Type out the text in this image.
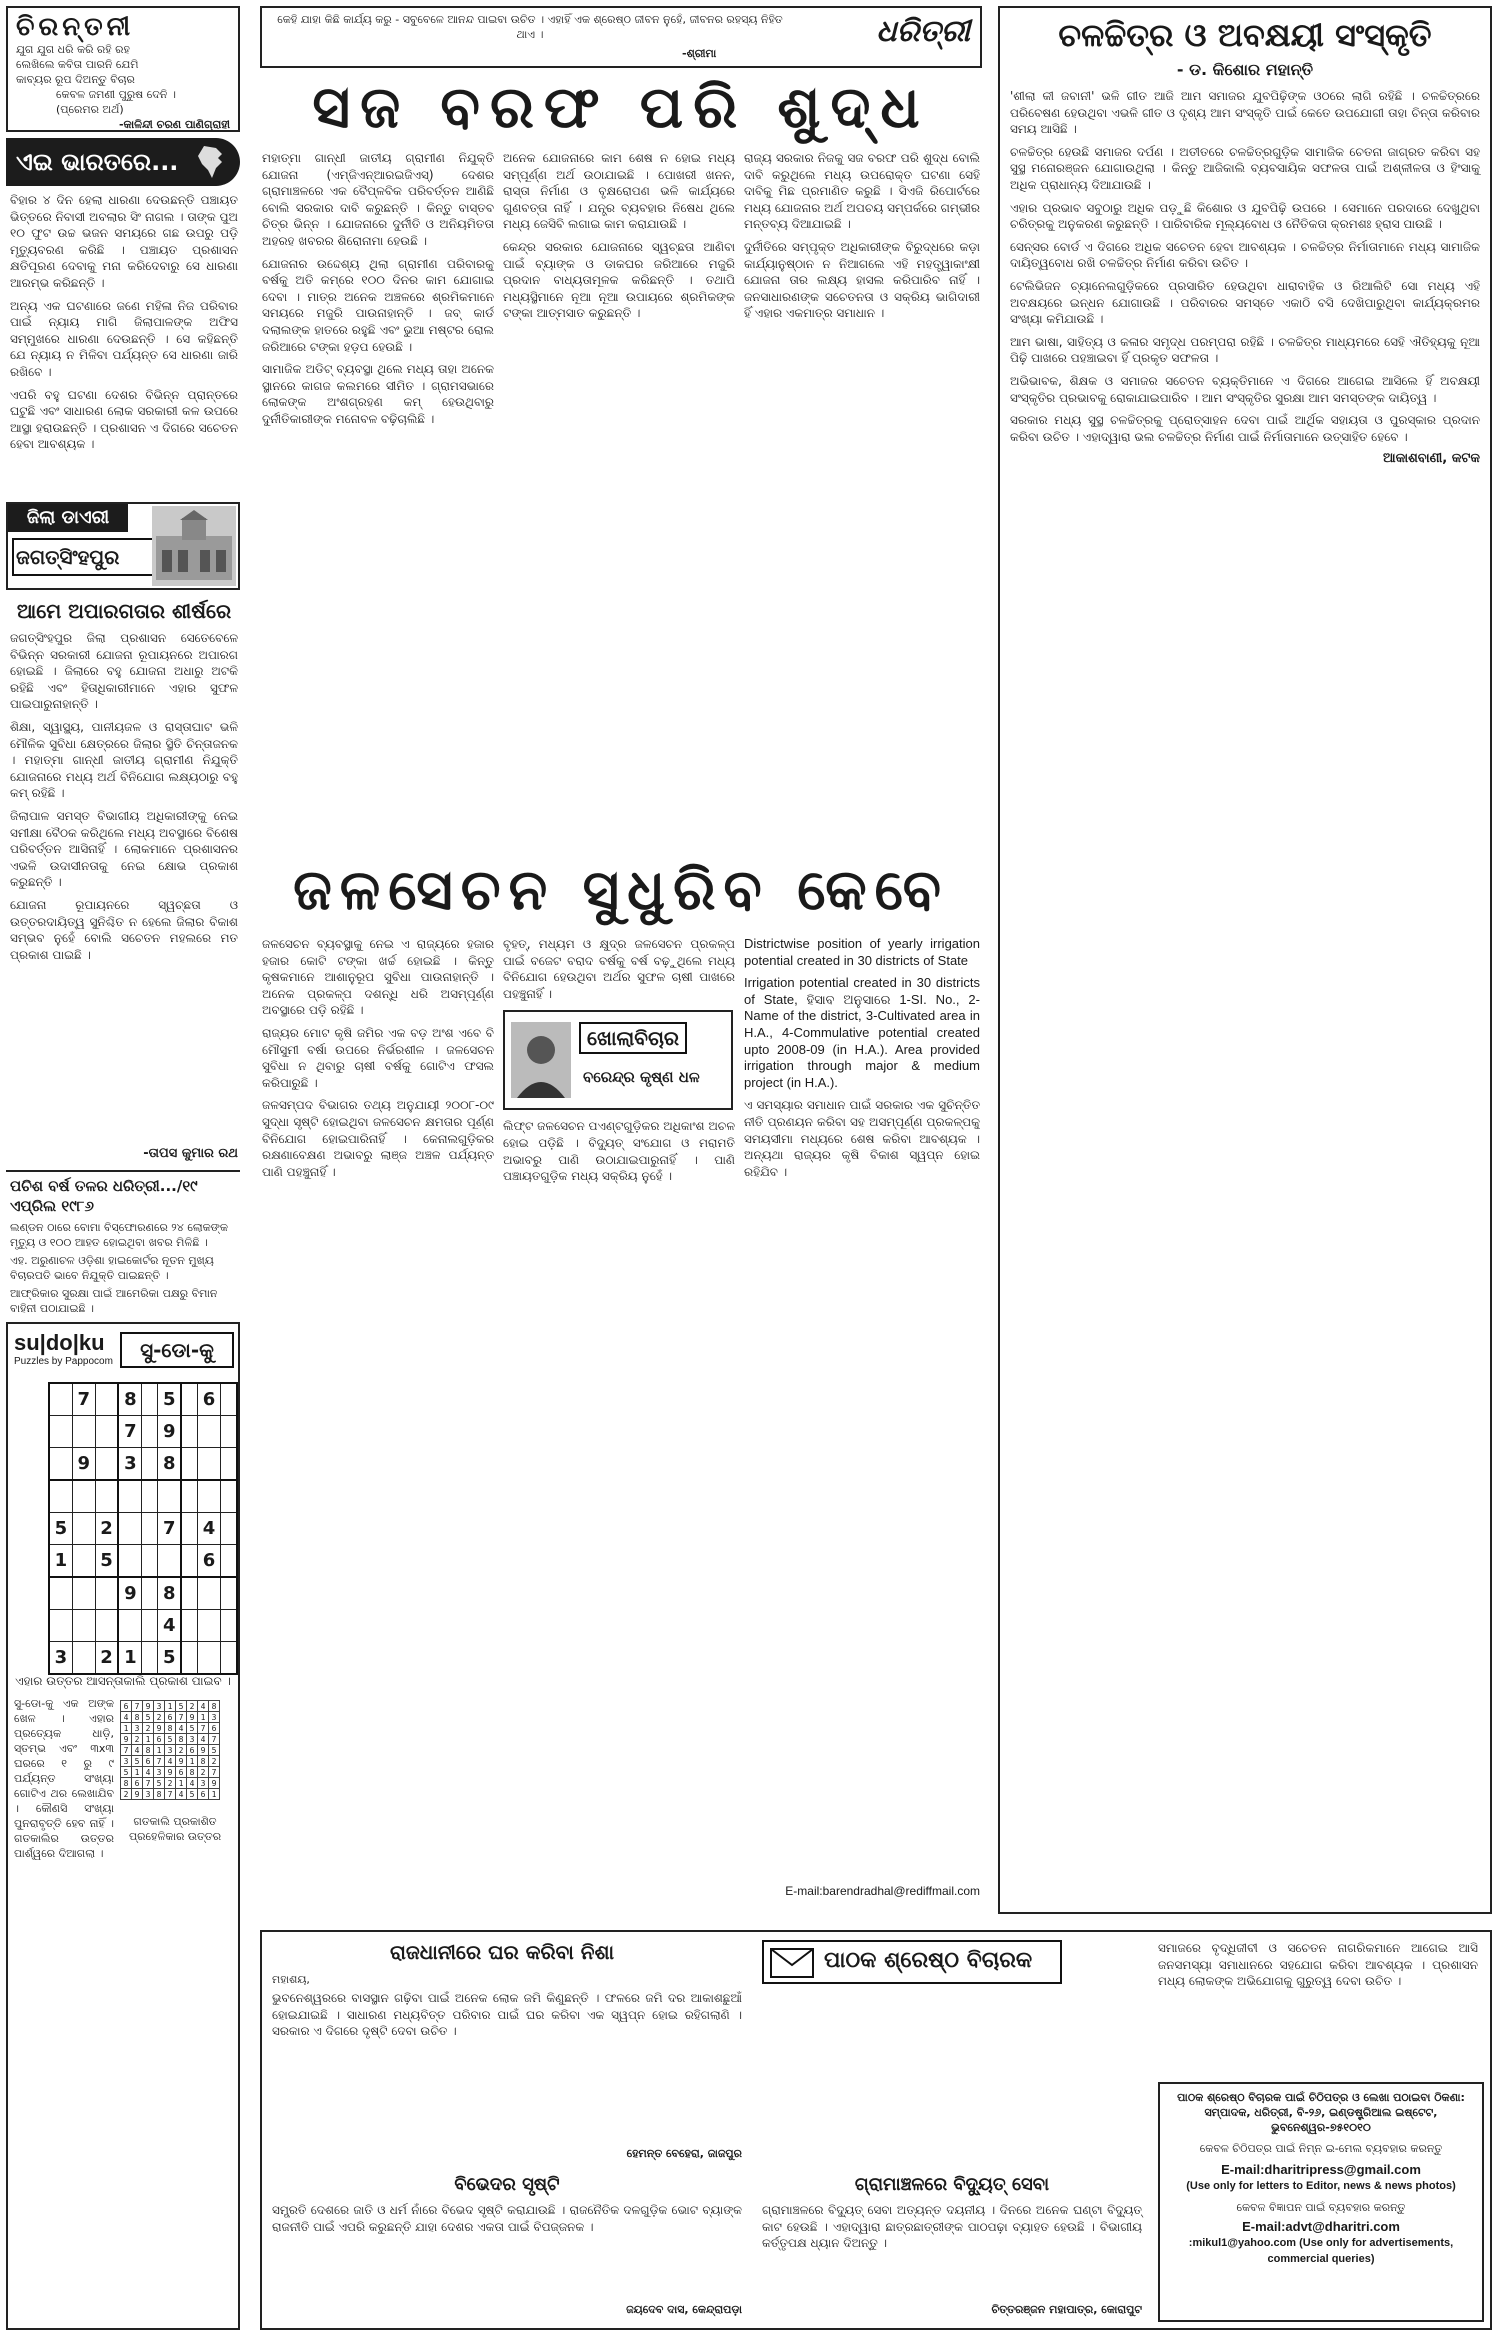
ଚିରନ୍ତନୀ
ଯୁଗ ଯୁଗ ଧରି କରି ରହି ରହ
ଲେଖିଲେ କବିତା ପାରନି ଯେମି
କାବ୍ୟର ରୂପ ଦିଅନ୍ତୁ ବିଚାର
କେବଳ ଜମଣୀ ପୁରୁଷ ଦେନି ।
(ପ୍ରେମର ଅର୍ଥ)
-କାଳିନ୍ଦୀ ଚରଣ ପାଣିଗ୍ରାହୀ
ଏଇ ଭାରତରେ...

ବିହାର ୪ ଦିନ ହେଲା ଧାରଣା ଦେଉଛନ୍ତି ପଞ୍ଚାୟତ ଭିତ୍ତରେ ନିବାସୀ ଅବଲାର ସିଂ ନାଗଲ । ତାଙ୍କ ପୁଅ ୧୦ ଫୁଟ ଉଚ୍ଚ ଭଜନ ସମୟରେ ଗଛ ଉପରୁ ପଡ଼ି ମୃତ୍ୟୁବରଣ କରିଛି । ପଞ୍ଚାୟତ ପ୍ରଶାସନ କ୍ଷତିପୂରଣ ଦେବାକୁ ମନା କରିଦେବାରୁ ସେ ଧାରଣା ଆରମ୍ଭ କରିଛନ୍ତି ।

ଅନ୍ୟ ଏକ ଘଟଣାରେ ଜଣେ ମହିଳା ନିଜ ପରିବାର ପାଇଁ ନ୍ୟାୟ ମାଗି ଜିଲାପାଳଙ୍କ ଅଫିସ ସମ୍ମୁଖରେ ଧାରଣା ଦେଉଛନ୍ତି । ସେ କହିଛନ୍ତି ଯେ ନ୍ୟାୟ ନ ମିଳିବା ପର୍ଯ୍ୟନ୍ତ ସେ ଧାରଣା ଜାରି ରଖିବେ ।

ଏପରି ବହୁ ଘଟଣା ଦେଶର ବିଭିନ୍ନ ପ୍ରାନ୍ତରେ ଘଟୁଛି ଏବଂ ସାଧାରଣ ଲୋକ ସରକାରୀ କଳ ଉପରେ ଆସ୍ଥା ହରାଉଛନ୍ତି । ପ୍ରଶାସନ ଏ ଦିଗରେ ସଚେତନ ହେବା ଆବଶ୍ୟକ ।

ଜିଲା ଡାଏରୀ
ଜଗତ୍‌ସିଂହପୁର
ଆମେ ଅପାରଗତାର ଶୀର୍ଷରେ

ଜଗତ୍‌ସିଂହପୁର ଜିଲା ପ୍ରଶାସନ ସେତେବେଳେ ବିଭିନ୍ନ ସରକାରୀ ଯୋଜନା ରୂପାୟନରେ ଅପାରଗ ହୋଇଛି । ଜିଲାରେ ବହୁ ଯୋଜନା ଅଧାରୁ ଅଟକି ରହିଛି ଏବଂ ହିତାଧିକାରୀମାନେ ଏହାର ସୁଫଳ ପାଇପାରୁନାହାନ୍ତି ।

ଶିକ୍ଷା, ସ୍ୱାସ୍ଥ୍ୟ, ପାନୀୟଜଳ ଓ ରାସ୍ତାଘାଟ ଭଳି ମୌଳିକ ସୁବିଧା କ୍ଷେତ୍ରରେ ଜିଲାର ସ୍ଥିତି ଚିନ୍ତାଜନକ । ମହାତ୍ମା ଗାନ୍ଧୀ ଜାତୀୟ ଗ୍ରାମୀଣ ନିଯୁକ୍ତି ଯୋଜନାରେ ମଧ୍ୟ ଅର୍ଥ ବିନିଯୋଗ ଲକ୍ଷ୍ୟଠାରୁ ବହୁ କମ୍‌ ରହିଛି ।

ଜିଲାପାଳ ସମସ୍ତ ବିଭାଗୀୟ ଅଧିକାରୀଙ୍କୁ ନେଇ ସମୀକ୍ଷା ବୈଠକ କରିଥିଲେ ମଧ୍ୟ ଅବସ୍ଥାରେ ବିଶେଷ ପରିବର୍ତ୍ତନ ଆସିନାହିଁ । ଲୋକମାନେ ପ୍ରଶାସନର ଏଭଳି ଉଦାସୀନତାକୁ ନେଇ କ୍ଷୋଭ ପ୍ରକାଶ କରୁଛନ୍ତି ।

ଯୋଜନା ରୂପାୟନରେ ସ୍ୱଚ୍ଛତା ଓ ଉତ୍ତରଦାୟିତ୍ୱ ସୁନିଶ୍ଚିତ ନ ହେଲେ ଜିଲାର ବିକାଶ ସମ୍ଭବ ନୁହେଁ ବୋଲି ସଚେତନ ମହଲରେ ମତ ପ୍ରକାଶ ପାଇଛି ।

-ତାପସ କୁମାର ରଥ
ପଚିଶ ବର୍ଷ ତଳର ଧରିତ୍ରୀ.../୧୯ ଏପ୍ରିଲ ୧୯୮୬
ଲଣ୍ଡନ ଠାରେ ବୋମା ବିସ୍ଫୋରଣରେ ୨୪ ଲୋକଙ୍କ ମୃତ୍ୟୁ ଓ ୧୦୦ ଆହତ ହୋଇଥିବା ଖବର ମିଳିଛି ।
ଏହ. ଅରୁଣାଚଳ ଓଡ଼ିଶା ହାଇକୋର୍ଟର ନୂତନ ମୁଖ୍ୟ ବିଚାରପତି ଭାବେ ନିଯୁକ୍ତି ପାଇଛନ୍ତି ।
ଆଫ୍ରିକାର ସୁରକ୍ଷା ପାଇଁ ଆମେରିକା ପକ୍ଷରୁ ବିମାନ ବାହିନୀ ପଠାଯାଇଛି ।
su|do|ku
Puzzles by Pappocom	ସୁ-ଡୋ-କୁ
	7		8		5		6	
			7		9			
	9		3		8			

5		2			7		4	
1		5					6	
			9		8			
					4			
3		2	1		5			
ଏହାର ଉତ୍ତର ଆସନ୍ତାକାଲି ପ୍ରକାଶ ପାଇବ ।
ସୁ-ଡୋ-କୁ ଏକ ଅଙ୍କ ଖେଳ । ଏହାର ପ୍ରତ୍ୟେକ ଧାଡ଼ି, ସ୍ତମ୍ଭ ଏବଂ ୩x୩ ଘରରେ ୧ ରୁ ୯ ପର୍ଯ୍ୟନ୍ତ ସଂଖ୍ୟା ଗୋଟିଏ ଥର ଲେଖାଯିବ । କୌଣସି ସଂଖ୍ୟା ପୁନରାବୃତ୍ତି ହେବ ନାହିଁ । ଗତକାଲିର ଉତ୍ତର ପାର୍ଶ୍ୱରେ ଦିଆଗଲା ।
6	7	9	3	1	5	2	4	8
4	8	5	2	6	7	9	1	3
1	3	2	9	8	4	5	7	6
9	2	1	6	5	8	3	4	7
7	4	8	1	3	2	6	9	5
3	5	6	7	4	9	1	8	2
5	1	4	3	9	6	8	2	7
8	6	7	5	2	1	4	3	9
2	9	3	8	7	4	5	6	1
ଗତକାଲି ପ୍ରକାଶିତ ପ୍ରହେଳିକାର ଉତ୍ତର
କେହି ଯାହା କିଛି କାର୍ଯ୍ୟ କରୁ - ସବୁବେଳେ ଆନନ୍ଦ ପାଇବା ଉଚିତ । ଏହାହିଁ ଏକ ଶ୍ରେଷ୍ଠ ଜୀବନ ନୁହେଁ, ଜୀବନର ରହସ୍ୟ ନିହିତ ଥାଏ ।
-ଶ୍ରୀମା
ଧରିତ୍ରୀ
ସଜ ବରଫ ପରି ଶୁଦ୍ଧ

ମହାତ୍ମା ଗାନ୍ଧୀ ଜାତୀୟ ଗ୍ରାମୀଣ ନିଯୁକ୍ତି ଯୋଜନା (ଏମ୍‌ଜିଏନ୍‌ଆରଇଜିଏସ୍‌) ଦେଶର ଗ୍ରାମାଞ୍ଚଳରେ ଏକ ବୈପ୍ଳବିକ ପରିବର୍ତ୍ତନ ଆଣିଛି ବୋଲି ସରକାର ଦାବି କରୁଛନ୍ତି । କିନ୍ତୁ ବାସ୍ତବ ଚିତ୍ର ଭିନ୍ନ । ଯୋଜନାରେ ଦୁର୍ନୀତି ଓ ଅନିୟମିତତା ଅହରହ ଖବରର ଶିରୋନାମା ହେଉଛି ।

ଯୋଜନାର ଉଦ୍ଦେଶ୍ୟ ଥିଲା ଗ୍ରାମୀଣ ପରିବାରକୁ ବର୍ଷକୁ ଅତି କମ୍‌ରେ ୧୦୦ ଦିନର କାମ ଯୋଗାଇ ଦେବା । ମାତ୍ର ଅନେକ ଅଞ୍ଚଳରେ ଶ୍ରମିକମାନେ ସମୟରେ ମଜୁରି ପାଉନାହାନ୍ତି । ଜବ୍‌ କାର୍ଡ ଦଲାଲଙ୍କ ହାତରେ ରହୁଛି ଏବଂ ଭୁଆ ମଷ୍ଟର ରୋଲ ଜରିଆରେ ଟଙ୍କା ହଡ଼ପ ହେଉଛି ।

ସାମାଜିକ ଅଡିଟ୍‌ ବ୍ୟବସ୍ଥା ଥିଲେ ମଧ୍ୟ ତାହା ଅନେକ ସ୍ଥାନରେ କାଗଜ କଲମରେ ସୀମିତ । ଗ୍ରାମସଭାରେ ଲୋକଙ୍କ ଅଂଶଗ୍ରହଣ କମ୍‌ ହେଉଥିବାରୁ ଦୁର୍ନୀତିକାରୀଙ୍କ ମନୋବଳ ବଢ଼ିଚାଲିଛି ।

ଅନେକ ଯୋଜନାରେ କାମ ଶେଷ ନ ହୋଇ ମଧ୍ୟ ସମ୍ପୂର୍ଣ୍ଣ ଅର୍ଥ ଉଠାଯାଇଛି । ପୋଖରୀ ଖନନ, ରାସ୍ତା ନିର୍ମାଣ ଓ ବୃକ୍ଷରୋପଣ ଭଳି କାର୍ଯ୍ୟରେ ଗୁଣବତ୍ତା ନାହିଁ । ଯନ୍ତ୍ର ବ୍ୟବହାର ନିଷେଧ ଥିଲେ ମଧ୍ୟ ଜେସିବି ଲଗାଇ କାମ କରାଯାଉଛି ।

କେନ୍ଦ୍ର ସରକାର ଯୋଜନାରେ ସ୍ୱଚ୍ଛତା ଆଣିବା ପାଇଁ ବ୍ୟାଙ୍କ ଓ ଡାକଘର ଜରିଆରେ ମଜୁରି ପ୍ରଦାନ ବାଧ୍ୟତାମୂଳକ କରିଛନ୍ତି । ତଥାପି ମଧ୍ୟସ୍ଥିମାନେ ନୂଆ ନୂଆ ଉପାୟରେ ଶ୍ରମିକଙ୍କ ଟଙ୍କା ଆତ୍ମସାତ କରୁଛନ୍ତି ।

ରାଜ୍ୟ ସରକାର ନିଜକୁ ସଜ ବରଫ ପରି ଶୁଦ୍ଧ ବୋଲି ଦାବି କରୁଥିଲେ ମଧ୍ୟ ଉପରୋକ୍ତ ଘଟଣା ସେହି ଦାବିକୁ ମିଛ ପ୍ରମାଣିତ କରୁଛି । ସିଏଜି ରିପୋର୍ଟରେ ମଧ୍ୟ ଯୋଜନାର ଅର୍ଥ ଅପଚୟ ସମ୍ପର୍କରେ ଗମ୍ଭୀର ମନ୍ତବ୍ୟ ଦିଆଯାଇଛି ।

ଦୁର୍ନୀତିରେ ସମ୍ପୃକ୍ତ ଅଧିକାରୀଙ୍କ ବିରୁଦ୍ଧରେ କଡ଼ା କାର୍ଯ୍ୟାନୁଷ୍ଠାନ ନ ନିଆଗଲେ ଏହି ମହତ୍ତ୍ୱାକାଂକ୍ଷୀ ଯୋଜନା ତାର ଲକ୍ଷ୍ୟ ହାସଲ କରିପାରିବ ନାହିଁ । ଜନସାଧାରଣଙ୍କ ସଚେତନତା ଓ ସକ୍ରିୟ ଭାଗିଦାରୀ ହିଁ ଏହାର ଏକମାତ୍ର ସମାଧାନ ।

ଜଳସେଚନ ସୁଧୁରିବ କେବେ

ଜଳସେଚନ ବ୍ୟବସ୍ଥାକୁ ନେଇ ଏ ରାଜ୍ୟରେ ହଜାର ହଜାର କୋଟି ଟଙ୍କା ଖର୍ଚ୍ଚ ହୋଇଛି । କିନ୍ତୁ କୃଷକମାନେ ଆଶାନୁରୂପ ସୁବିଧା ପାଉନାହାନ୍ତି । ଅନେକ ପ୍ରକଳ୍ପ ଦଶନ୍ଧି ଧରି ଅସମ୍ପୂର୍ଣ୍ଣ ଅବସ୍ଥାରେ ପଡ଼ି ରହିଛି ।

ରାଜ୍ୟର ମୋଟ କୃଷି ଜମିର ଏକ ବଡ଼ ଅଂଶ ଏବେ ବି ମୌସୁମୀ ବର୍ଷା ଉପରେ ନିର୍ଭରଶୀଳ । ଜଳସେଚନ ସୁବିଧା ନ ଥିବାରୁ ଚାଷୀ ବର୍ଷକୁ ଗୋଟିଏ ଫସଲ କରିପାରୁଛି ।

ଜଳସମ୍ପଦ ବିଭାଗର ତଥ୍ୟ ଅନୁଯାୟୀ ୨୦୦୮-୦୯ ସୁଦ୍ଧା ସୃଷ୍ଟି ହୋଇଥିବା ଜଳସେଚନ କ୍ଷମତାର ପୂର୍ଣ୍ଣ ବିନିଯୋଗ ହୋଇପାରିନାହିଁ । କେନାଲଗୁଡ଼ିକର ରକ୍ଷଣାବେକ୍ଷଣ ଅଭାବରୁ ଲାଞ୍ଜ ଅଞ୍ଚଳ ପର୍ଯ୍ୟନ୍ତ ପାଣି ପହଞ୍ଚୁନାହିଁ ।

ବୃହତ୍‌, ମଧ୍ୟମ ଓ କ୍ଷୁଦ୍ର ଜଳସେଚନ ପ୍ରକଳ୍ପ ପାଇଁ ବଜେଟ ବରାଦ ବର୍ଷକୁ ବର୍ଷ ବଢ଼ୁଥିଲେ ମଧ୍ୟ ବିନିଯୋଗ ହେଉଥିବା ଅର୍ଥର ସୁଫଳ ଚାଷୀ ପାଖରେ ପହଞ୍ଚୁନାହିଁ ।

ଖୋଲାବିଚାର
ବରେନ୍ଦ୍ର କୃଷ୍ଣ ଧଳ

ଲିଫ୍ଟ ଜଳସେଚନ ପଏଣ୍ଟଗୁଡ଼ିକର ଅଧିକାଂଶ ଅଚଳ ହୋଇ ପଡ଼ିଛି । ବିଦ୍ୟୁତ୍‌ ସଂଯୋଗ ଓ ମରାମତି ଅଭାବରୁ ପାଣି ଉଠାଯାଇପାରୁନାହିଁ । ପାଣି ପଞ୍ଚାୟତଗୁଡ଼ିକ ମଧ୍ୟ ସକ୍ରିୟ ନୁହେଁ ।

Districtwise position of yearly irrigation potential created in 30 districts of State

Irrigation potential created in 30 districts of State, ହିସାବ ଅନୁସାରେ 1-SI. No., 2-Name of the district, 3-Cultivated area in H.A., 4-Commulative potential created upto 2008-09 (in H.A.). Area provided irrigation through major & medium project (in H.A.).

ଏ ସମସ୍ୟାର ସମାଧାନ ପାଇଁ ସରକାର ଏକ ସୁଚିନ୍ତିତ ନୀତି ପ୍ରଣୟନ କରିବା ସହ ଅସମ୍ପୂର୍ଣ୍ଣ ପ୍ରକଳ୍ପକୁ ସମୟସୀମା ମଧ୍ୟରେ ଶେଷ କରିବା ଆବଶ୍ୟକ । ଅନ୍ୟଥା ରାଜ୍ୟର କୃଷି ବିକାଶ ସ୍ୱପ୍ନ ହୋଇ ରହିଯିବ ।

E-mail:barendradhal@rediffmail.com
ଚଳଚ୍ଚିତ୍ର ଓ ଅବକ୍ଷୟୀ ସଂସ୍କୃତି
- ଡ. କିଶୋର ମହାନ୍ତି

'ଶୀଲା କୀ ଜବାନୀ' ଭଳି ଗୀତ ଆଜି ଆମ ସମାଜର ଯୁବପିଢ଼ିଙ୍କ ଓଠରେ ଲାଗି ରହିଛି । ଚଳଚ୍ଚିତ୍ରରେ ପରିବେଷଣ ହେଉଥିବା ଏଭଳି ଗୀତ ଓ ଦୃଶ୍ୟ ଆମ ସଂସ୍କୃତି ପାଇଁ କେତେ ଉପଯୋଗୀ ତାହା ଚିନ୍ତା କରିବାର ସମୟ ଆସିଛି ।

ଚଳଚ୍ଚିତ୍ର ହେଉଛି ସମାଜର ଦର୍ପଣ । ଅତୀତରେ ଚଳଚ୍ଚିତ୍ରଗୁଡ଼ିକ ସାମାଜିକ ଚେତନା ଜାଗ୍ରତ କରିବା ସହ ସୁସ୍ଥ ମନୋରଞ୍ଜନ ଯୋଗାଉଥିଲା । କିନ୍ତୁ ଆଜିକାଲି ବ୍ୟବସାୟିକ ସଫଳତା ପାଇଁ ଅଶ୍ଳୀଳତା ଓ ହିଂସାକୁ ଅଧିକ ପ୍ରାଧାନ୍ୟ ଦିଆଯାଉଛି ।

ଏହାର ପ୍ରଭାବ ସବୁଠାରୁ ଅଧିକ ପଡ଼ୁଛି କିଶୋର ଓ ଯୁବପିଢ଼ି ଉପରେ । ସେମାନେ ପରଦାରେ ଦେଖୁଥିବା ଚରିତ୍ରକୁ ଅନୁକରଣ କରୁଛନ୍ତି । ପାରିବାରିକ ମୂଲ୍ୟବୋଧ ଓ ନୈତିକତା କ୍ରମଶଃ ହ୍ରାସ ପାଉଛି ।

ସେନ୍‌ସର ବୋର୍ଡ ଏ ଦିଗରେ ଅଧିକ ସଚେତନ ହେବା ଆବଶ୍ୟକ । ଚଳଚ୍ଚିତ୍ର ନିର୍ମାତାମାନେ ମଧ୍ୟ ସାମାଜିକ ଦାୟିତ୍ୱବୋଧ ରଖି ଚଳଚ୍ଚିତ୍ର ନିର୍ମାଣ କରିବା ଉଚିତ ।

ଟେଲିଭିଜନ ଚ୍ୟାନେଲଗୁଡ଼ିକରେ ପ୍ରସାରିତ ହେଉଥିବା ଧାରାବାହିକ ଓ ରିଆଲିଟି ସୋ ମଧ୍ୟ ଏହି ଅବକ୍ଷୟରେ ଇନ୍ଧନ ଯୋଗାଉଛି । ପରିବାରର ସମସ୍ତେ ଏକାଠି ବସି ଦେଖିପାରୁଥିବା କାର୍ଯ୍ୟକ୍ରମର ସଂଖ୍ୟା କମିଯାଉଛି ।

ଆମ ଭାଷା, ସାହିତ୍ୟ ଓ କଳାର ସମୃଦ୍ଧ ପରମ୍ପରା ରହିଛି । ଚଳଚ୍ଚିତ୍ର ମାଧ୍ୟମରେ ସେହି ଐତିହ୍ୟକୁ ନୂଆ ପିଢ଼ି ପାଖରେ ପହଞ୍ଚାଇବା ହିଁ ପ୍ରକୃତ ସଫଳତା ।

ଅଭିଭାବକ, ଶିକ୍ଷକ ଓ ସମାଜର ସଚେତନ ବ୍ୟକ୍ତିମାନେ ଏ ଦିଗରେ ଆଗେଇ ଆସିଲେ ହିଁ ଅବକ୍ଷୟୀ ସଂସ୍କୃତିର ପ୍ରଭାବକୁ ରୋକାଯାଇପାରିବ । ଆମ ସଂସ୍କୃତିର ସୁରକ୍ଷା ଆମ ସମସ୍ତଙ୍କ ଦାୟିତ୍ୱ ।

ସରକାର ମଧ୍ୟ ସୁସ୍ଥ ଚଳଚ୍ଚିତ୍ରକୁ ପ୍ରୋତ୍ସାହନ ଦେବା ପାଇଁ ଆର୍ଥିକ ସହାୟତା ଓ ପୁରସ୍କାର ପ୍ରଦାନ କରିବା ଉଚିତ । ଏହାଦ୍ୱାରା ଭଲ ଚଳଚ୍ଚିତ୍ର ନିର୍ମାଣ ପାଇଁ ନିର୍ମାତାମାନେ ଉତ୍ସାହିତ ହେବେ ।

ଆକାଶବାଣୀ, କଟକ
ରାଜଧାନୀରେ ଘର କରିବା ନିଶା
ମହାଶୟ,

ଭୁବନେଶ୍ୱରରେ ବାସସ୍ଥାନ ଗଢ଼ିବା ପାଇଁ ଅନେକ ଲୋକ ଜମି କିଣୁଛନ୍ତି । ଫଳରେ ଜମି ଦର ଆକାଶଛୁଆଁ ହୋଇଯାଇଛି । ସାଧାରଣ ମଧ୍ୟବିତ୍ତ ପରିବାର ପାଇଁ ଘର କରିବା ଏକ ସ୍ୱପ୍ନ ହୋଇ ରହିଗଲାଣି । ସରକାର ଏ ଦିଗରେ ଦୃଷ୍ଟି ଦେବା ଉଚିତ ।

ହେମନ୍ତ ବେହେରା, ଜାଜପୁର
ବିଭେଦର ସୃଷ୍ଟି

ସମ୍ପ୍ରତି ଦେଶରେ ଜାତି ଓ ଧର୍ମ ନାଁରେ ବିଭେଦ ସୃଷ୍ଟି କରାଯାଉଛି । ରାଜନୈତିକ ଦଳଗୁଡ଼ିକ ଭୋଟ ବ୍ୟାଙ୍କ ରାଜନୀତି ପାଇଁ ଏପରି କରୁଛନ୍ତି ଯାହା ଦେଶର ଏକତା ପାଇଁ ବିପଜ୍ଜନକ ।

ଜୟଦେବ ଦାସ, କେନ୍ଦ୍ରାପଡ଼ା
ପାଠକ ଶ୍ରେଷ୍ଠ ବିଚାରକ
ଗ୍ରାମାଞ୍ଚଳରେ ବିଦ୍ୟୁତ୍‌ ସେବା

ଗ୍ରାମାଞ୍ଚଳରେ ବିଦ୍ୟୁତ୍‌ ସେବା ଅତ୍ୟନ୍ତ ଦୟନୀୟ । ଦିନରେ ଅନେକ ଘଣ୍ଟା ବିଦ୍ୟୁତ୍‌ କାଟ ହେଉଛି । ଏହାଦ୍ୱାରା ଛାତ୍ରଛାତ୍ରୀଙ୍କ ପାଠପଢ଼ା ବ୍ୟାହତ ହେଉଛି । ବିଭାଗୀୟ କର୍ତ୍ତୃପକ୍ଷ ଧ୍ୟାନ ଦିଅନ୍ତୁ ।

ଚିତ୍ତରଞ୍ଜନ ମହାପାତ୍ର, କୋରାପୁଟ

ସମାଜରେ ବୃଦ୍ଧିଜୀବୀ ଓ ସଚେତନ ନାଗରିକମାନେ ଆଗେଇ ଆସି ଜନସମସ୍ୟା ସମାଧାନରେ ସହଯୋଗ କରିବା ଆବଶ୍ୟକ । ପ୍ରଶାସନ ମଧ୍ୟ ଲୋକଙ୍କ ଅଭିଯୋଗକୁ ଗୁରୁତ୍ୱ ଦେବା ଉଚିତ ।

ପାଠକ ଶ୍ରେଷ୍ଠ ବିଚାରକ ପାଇଁ ଚିଠିପତ୍ର ଓ ଲେଖା ପଠାଇବା ଠିକଣା: ସମ୍ପାଦକ, ଧରିତ୍ରୀ, ବି-୨୬, ଇଣ୍ଡଷ୍ଟ୍ରିଆଲ ଇଷ୍ଟେଟ, ଭୁବନେଶ୍ୱର-୭୫୧୦୧୦
କେବଳ ଚିଠିପତ୍ର ପାଇଁ ନିମ୍ନ ଇ-ମେଲ ବ୍ୟବହାର କରନ୍ତୁ
E-mail:dharitripress@gmail.com
(Use only for letters to Editor, news & news photos)
କେବଳ ବିଜ୍ଞାପନ ପାଇଁ ବ୍ୟବହାର କରନ୍ତୁ
E-mail:advt@dharitri.com
:mikul1@yahoo.com (Use only for advertisements, commercial queries)
